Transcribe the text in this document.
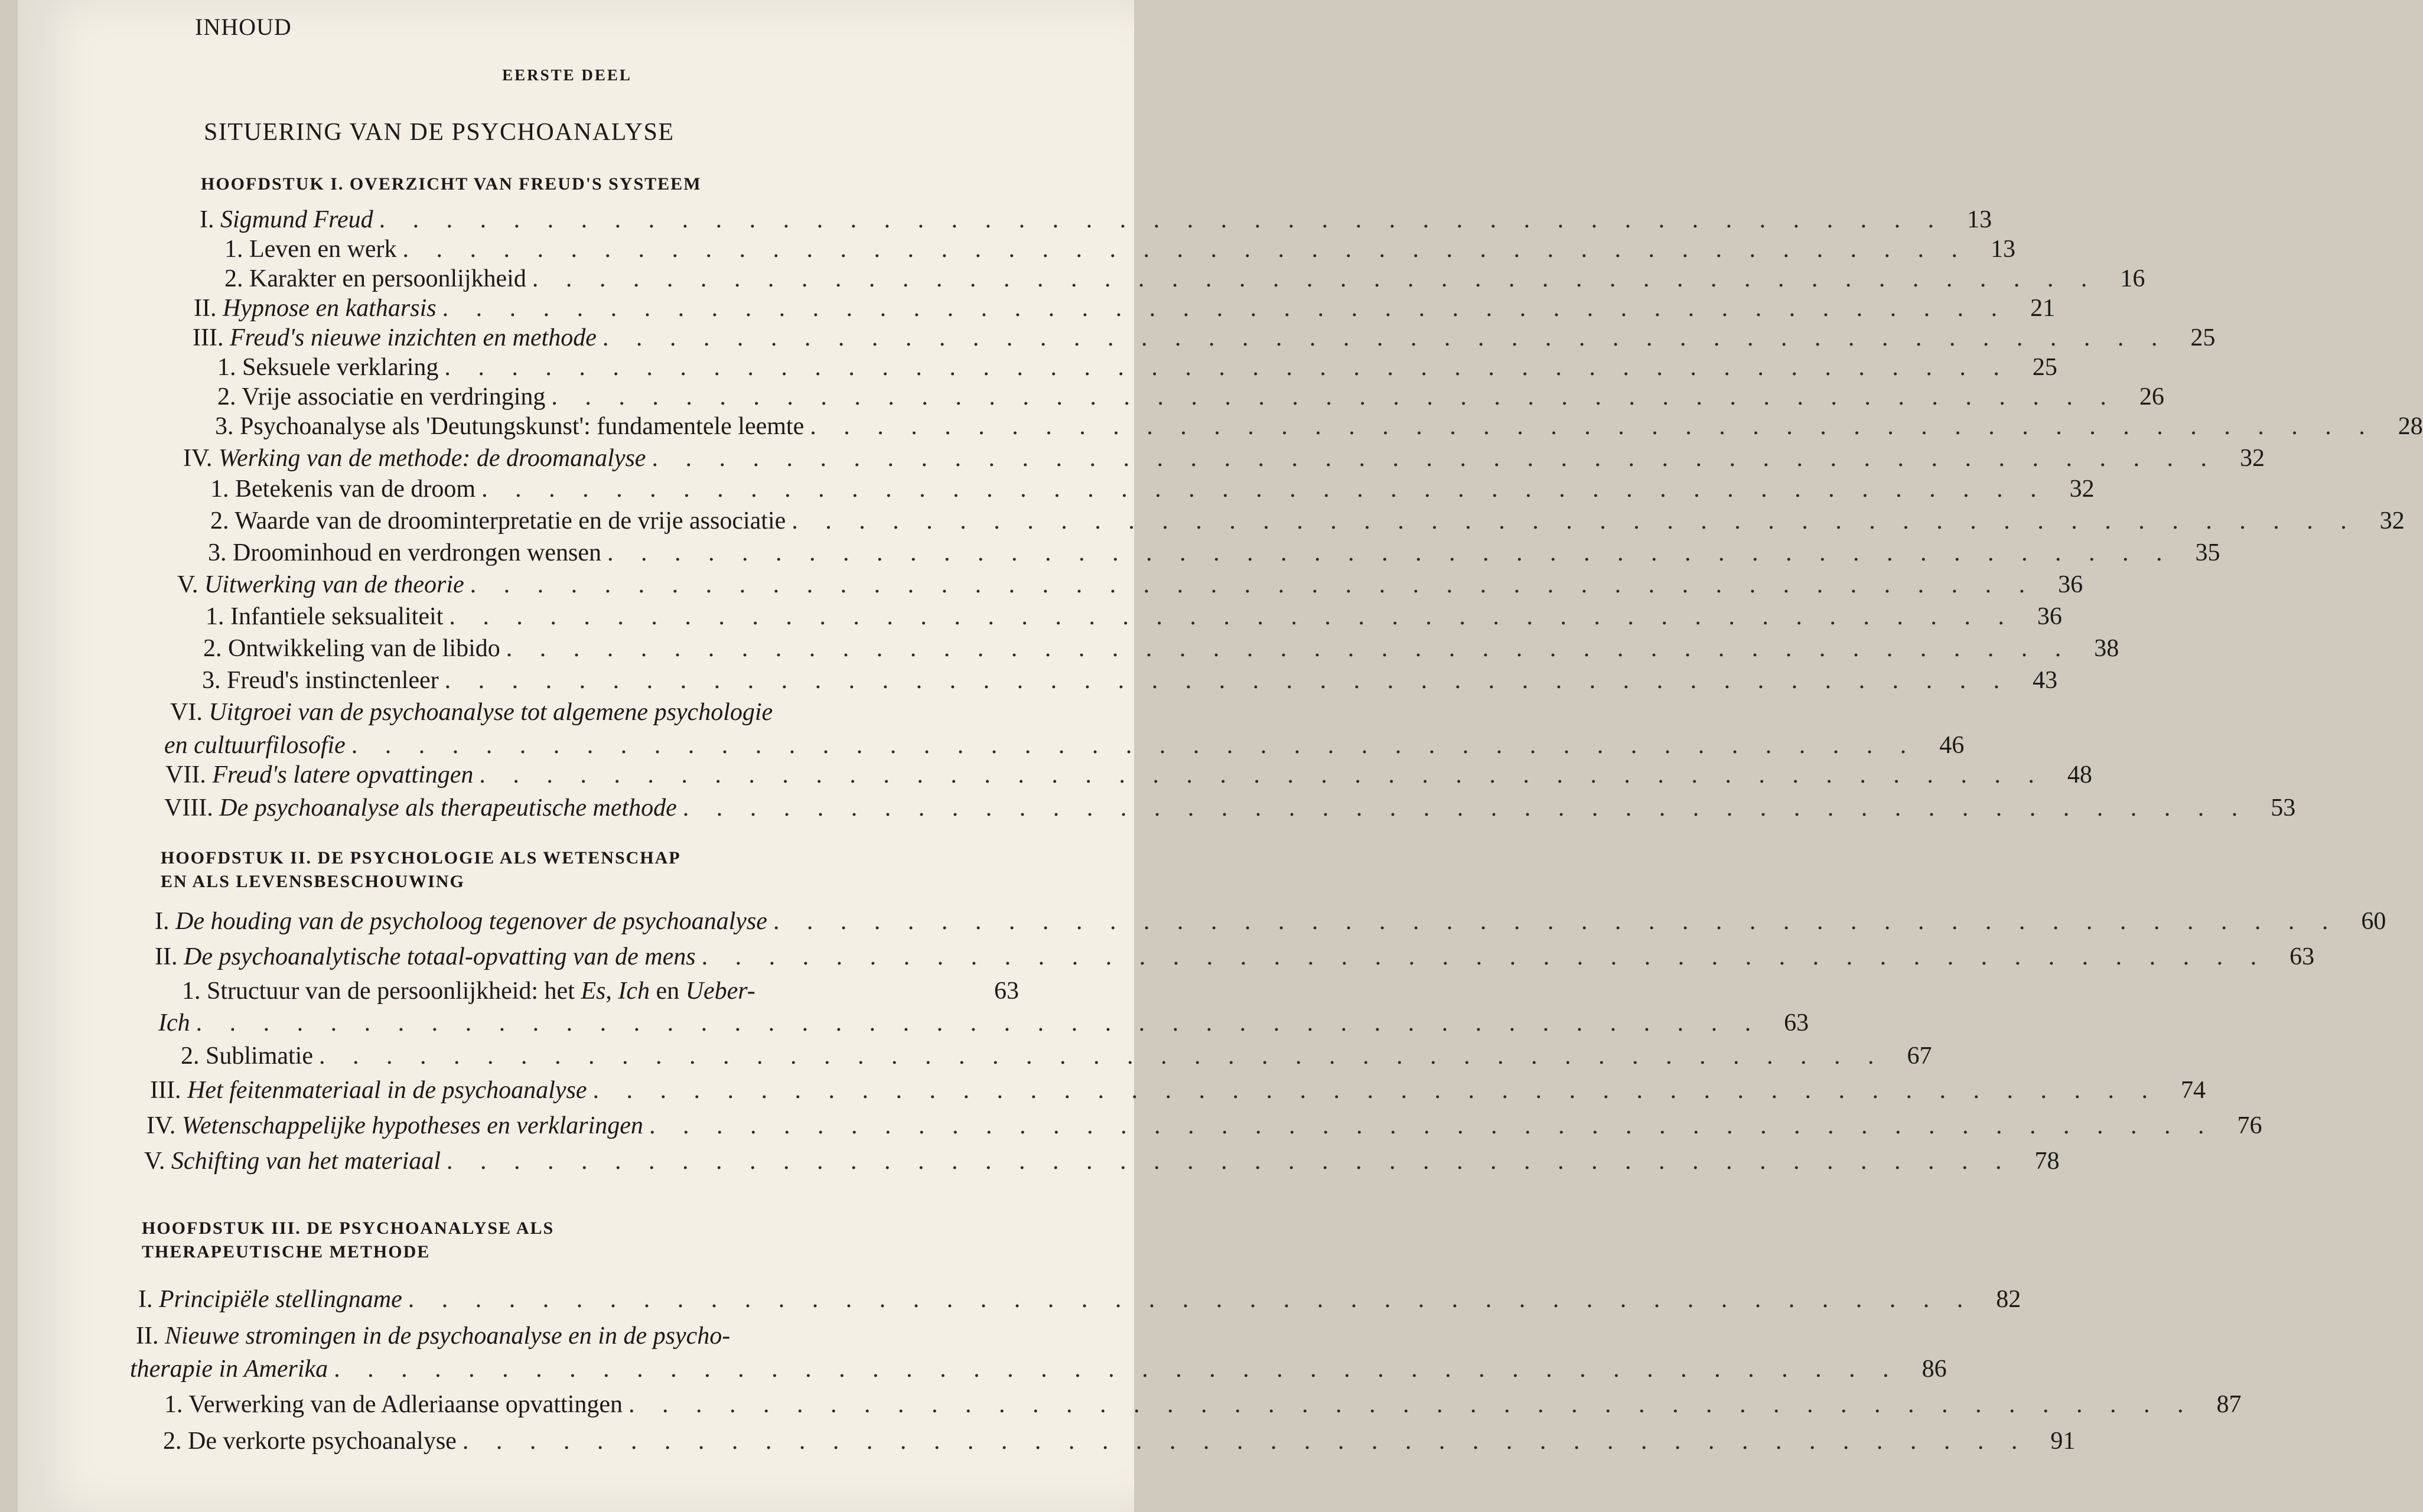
INHOUD
EERSTE DEEL
SITUERING VAN DE PSYCHOANALYSE
HOOFDSTUK I. OVERZICHT VAN FREUD'S SYSTEEM
I. Sigmund Freud . . . . . . . . . . . . . . . . . . . . . . . . . . . . . . . . . . . . . . . . . . . . . . . 13
1. Leven en werk . . . . . . . . . . . . . . . . . . . . . . . . . . . . . . . . . . . . . . . . . . . . . . . 13
2. Karakter en persoonlijkheid . . . . . . . . . . . . . . . . . . . . . . . . . . . . . . . . . . . . . . . . . . . . . . . 16
II. Hypnose en katharsis . . . . . . . . . . . . . . . . . . . . . . . . . . . . . . . . . . . . . . . . . . . . . . . 21
III. Freud's nieuwe inzichten en methode . . . . . . . . . . . . . . . . . . . . . . . . . . . . . . . . . . . . . . . . . . . . . . . 25
1. Seksuele verklaring . . . . . . . . . . . . . . . . . . . . . . . . . . . . . . . . . . . . . . . . . . . . . . . 25
2. Vrije associatie en verdringing . . . . . . . . . . . . . . . . . . . . . . . . . . . . . . . . . . . . . . . . . . . . . . . 26
3. Psychoanalyse als 'Deutungskunst': fundamentele leemte . . . . . . . . . . . . . . . . . . . . . . . . . . . . . . . . . . . . . . . . . . . . . . . 28
IV. Werking van de methode: de droomanalyse . . . . . . . . . . . . . . . . . . . . . . . . . . . . . . . . . . . . . . . . . . . . . . . 32
1. Betekenis van de droom . . . . . . . . . . . . . . . . . . . . . . . . . . . . . . . . . . . . . . . . . . . . . . . 32
2. Waarde van de droominterpretatie en de vrije associatie . . . . . . . . . . . . . . . . . . . . . . . . . . . . . . . . . . . . . . . . . . . . . . . 32
3. Droominhoud en verdrongen wensen . . . . . . . . . . . . . . . . . . . . . . . . . . . . . . . . . . . . . . . . . . . . . . . 35
V. Uitwerking van de theorie . . . . . . . . . . . . . . . . . . . . . . . . . . . . . . . . . . . . . . . . . . . . . . . 36
1. Infantiele seksualiteit . . . . . . . . . . . . . . . . . . . . . . . . . . . . . . . . . . . . . . . . . . . . . . . 36
2. Ontwikkeling van de libido . . . . . . . . . . . . . . . . . . . . . . . . . . . . . . . . . . . . . . . . . . . . . . . 38
3. Freud's instinctenleer . . . . . . . . . . . . . . . . . . . . . . . . . . . . . . . . . . . . . . . . . . . . . . . 43
VI. Uitgroei van de psychoanalyse tot algemene psychologie
en cultuurfilosofie . . . . . . . . . . . . . . . . . . . . . . . . . . . . . . . . . . . . . . . . . . . . . . . 46
VII. Freud's latere opvattingen . . . . . . . . . . . . . . . . . . . . . . . . . . . . . . . . . . . . . . . . . . . . . . . 48
VIII. De psychoanalyse als therapeutische methode . . . . . . . . . . . . . . . . . . . . . . . . . . . . . . . . . . . . . . . . . . . . . . . 53
HOOFDSTUK II. DE PSYCHOLOGIE ALS WETENSCHAP
EN ALS LEVENSBESCHOUWING
I. De houding van de psycholoog tegenover de psychoanalyse . . . . . . . . . . . . . . . . . . . . . . . . . . . . . . . . . . . . . . . . . . . . . . . 60
II. De psychoanalytische totaal-opvatting van de mens . . . . . . . . . . . . . . . . . . . . . . . . . . . . . . . . . . . . . . . . . . . . . . . 63
1. Structuur van de persoonlijkheid: het Es, Ich en Ueber-	63
Ich . . . . . . . . . . . . . . . . . . . . . . . . . . . . . . . . . . . . . . . . . . . . . . . 63
2. Sublimatie . . . . . . . . . . . . . . . . . . . . . . . . . . . . . . . . . . . . . . . . . . . . . . . 67
III. Het feitenmateriaal in de psychoanalyse . . . . . . . . . . . . . . . . . . . . . . . . . . . . . . . . . . . . . . . . . . . . . . . 74
IV. Wetenschappelijke hypotheses en verklaringen . . . . . . . . . . . . . . . . . . . . . . . . . . . . . . . . . . . . . . . . . . . . . . . 76
V. Schifting van het materiaal . . . . . . . . . . . . . . . . . . . . . . . . . . . . . . . . . . . . . . . . . . . . . . . 78
HOOFDSTUK III. DE PSYCHOANALYSE ALS
THERAPEUTISCHE METHODE
I. Principiële stellingname . . . . . . . . . . . . . . . . . . . . . . . . . . . . . . . . . . . . . . . . . . . . . . . 82
II. Nieuwe stromingen in de psychoanalyse en in de psycho-
therapie in Amerika . . . . . . . . . . . . . . . . . . . . . . . . . . . . . . . . . . . . . . . . . . . . . . . 86
1. Verwerking van de Adleriaanse opvattingen . . . . . . . . . . . . . . . . . . . . . . . . . . . . . . . . . . . . . . . . . . . . . . . 87
2. De verkorte psychoanalyse . . . . . . . . . . . . . . . . . . . . . . . . . . . . . . . . . . . . . . . . . . . . . . . 91
